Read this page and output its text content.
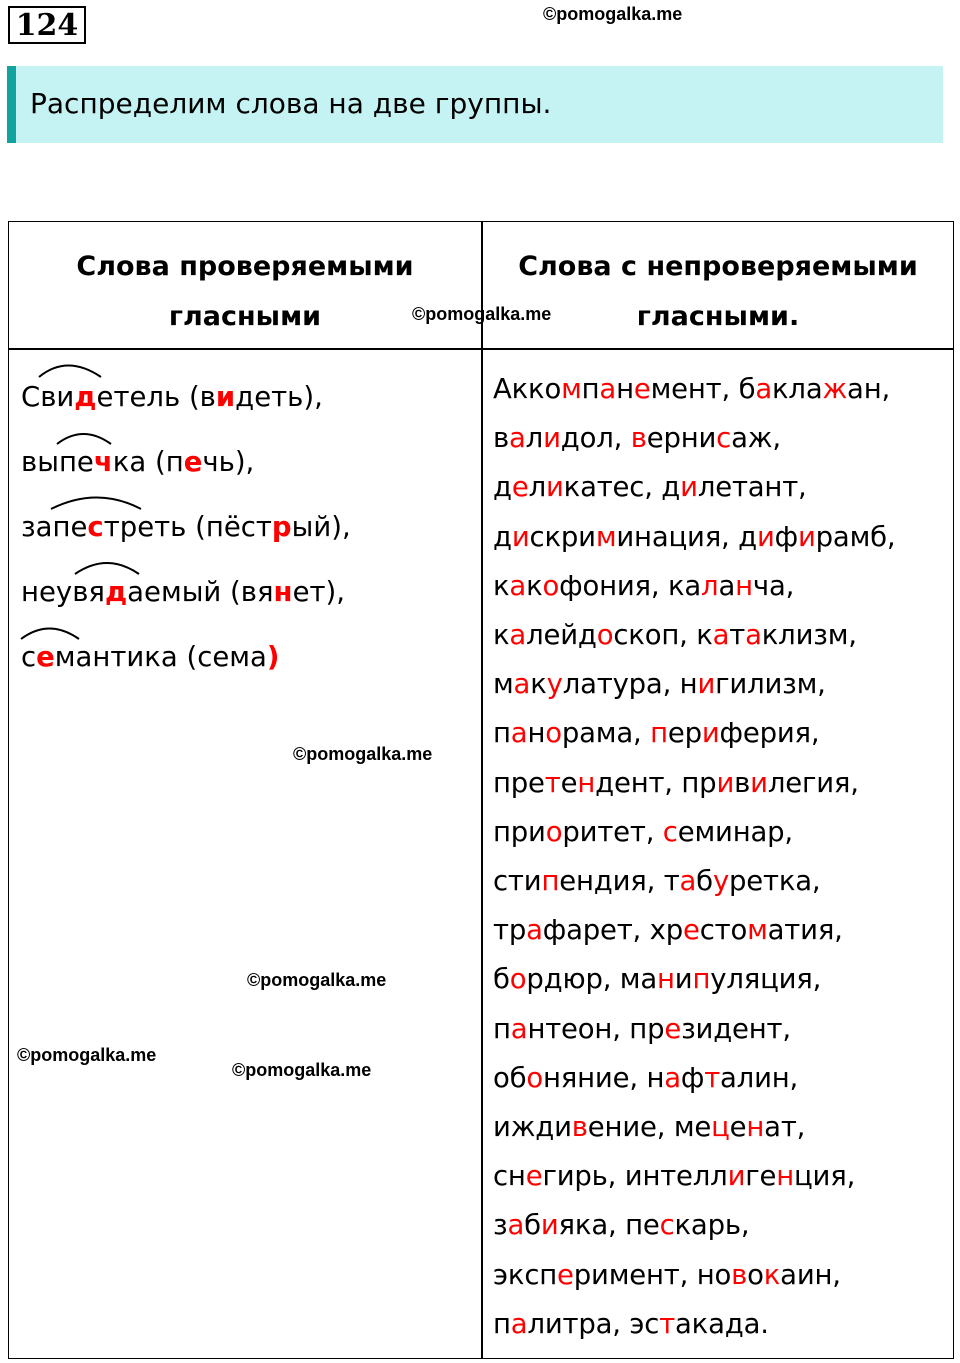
124	©pomogalka.me
Распределим слова на две группы.
Слова проверяемыми
гласными
Слова с непроверяемыми
гласными.
Свидетель (видеть),
выпечка (печь),
запестреть (пёстрый),
неувядаемый (вянет),
семантика (сема)
Аккомпанемент, баклажан,
валидол, вернисаж,
деликатес, дилетант,
дискриминация, дифирамб,
какофония, каланча,
калейдоскоп, катаклизм,
макулатура, нигилизм,
панорама, периферия,
претендент, привилегия,
приоритет, семинар,
стипендия, табуретка,
трафарет, хрестоматия,
бордюр, манипуляция,
пантеон, президент,
обоняние, нафталин,
иждивение, меценат,
снегирь, интеллигенция,
забияка, пескарь,
эксперимент, новокаин,
палитра, эстакада.
©pomogalka.me
©pomogalka.me
©pomogalka.me
©pomogalka.me
©pomogalka.me
